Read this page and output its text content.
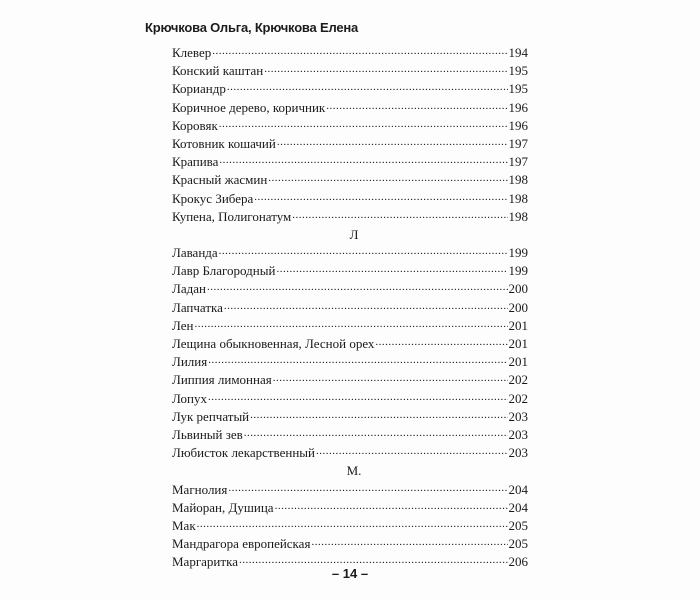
Крючкова Ольга, Крючкова Елена
Клевер .....	194
Конский каштан .....	195
Кориандр .....	195
Коричное дерево, коричник .....	196
Коровяк .....	196
Котовник кошачий .....	197
Крапива .....	197
Красный жасмин .....	198
Крокус Зибера .....	198
Купена, Полигонатум .....	198
Л
Лаванда .....	199
Лавр Благородный .....	199
Ладан .....	200
Лапчатка .....	200
Лен .....	201
Лещина обыкновенная, Лесной орех .....	201
Лилия .....	201
Липпия лимонная .....	202
Лопух .....	202
Лук репчатый .....	203
Львиный зев .....	203
Любисток лекарственный .....	203
М.
Магнолия .....	204
Майоран, Душица .....	204
Мак .....	205
Мандрагора европейская .....	205
Маргаритка .....	206
– 14 –
